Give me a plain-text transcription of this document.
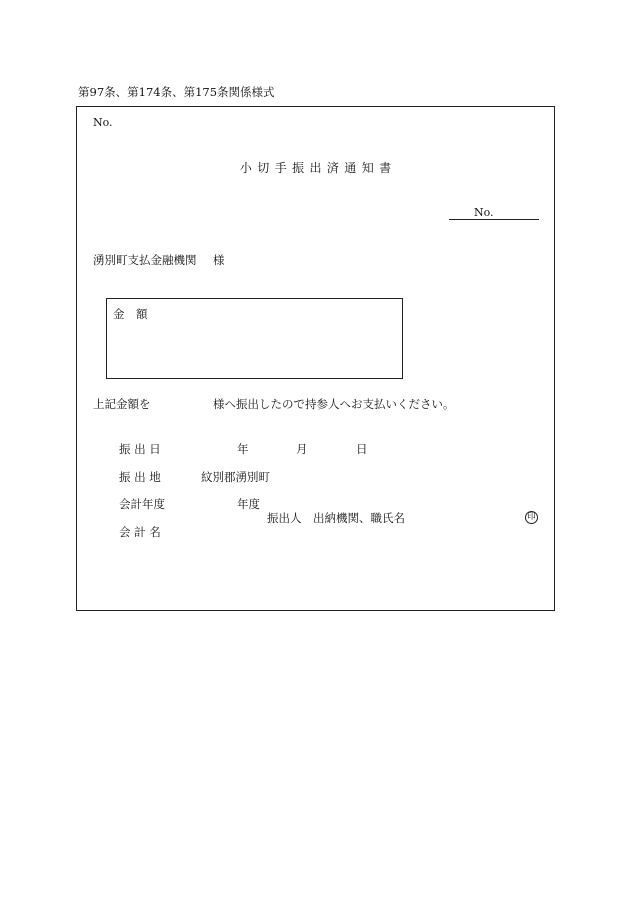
第97条、第174条、第175条関係様式
No.
小切手振出済通知書
No.
湧別町支払金融機関 様
金　額
上記金額を	様へ振出したので持参人へお支払いください。
振 出 日	年	月	日
振 出 地	紋別郡湧別町
会計年度	年度
振出人　出納機関、職氏名	印
会 計 名
